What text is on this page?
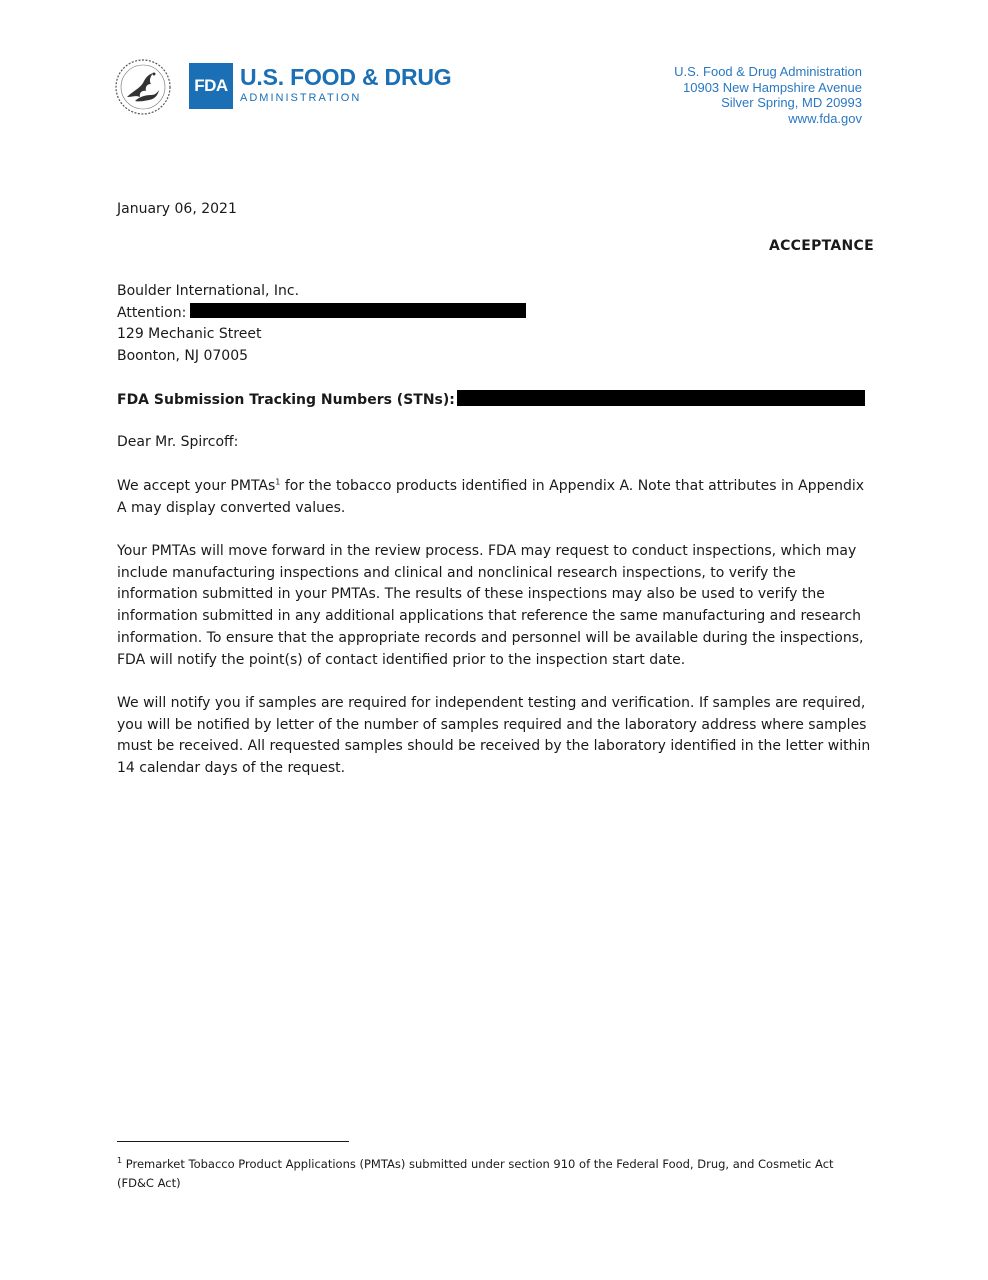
FDA U.S. FOOD & DRUG
ADMINISTRATION
U.S. Food & Drug Administration
10903 New Hampshire Avenue
Silver Spring, MD 20993
www.fda.gov
January 06, 2021
ACCEPTANCE
Boulder International, Inc.
Attention:
129 Mechanic Street
Boonton, NJ 07005
FDA Submission Tracking Numbers (STNs):
Dear Mr. Spircoff:

We accept your PMTAs$^1$ for the tobacco products identified in Appendix A. Note that attributes in Appendix A may display converted values.

Your PMTAs will move forward in the review process. FDA may request to conduct inspections, which may include manufacturing inspections and clinical and nonclinical research inspections, to verify the information submitted in your PMTAs. The results of these inspections may also be used to verify the information submitted in any additional applications that reference the same manufacturing and research information. To ensure that the appropriate records and personnel will be available during the inspections, FDA will notify the point(s) of contact identified prior to the inspection start date.

We will notify you if samples are required for independent testing and verification. If samples are required, you will be notified by letter of the number of samples required and the laboratory address where samples must be received. All requested samples should be received by the laboratory identified in the letter within 14 calendar days of the request.

$^1$ Premarket Tobacco Product Applications (PMTAs) submitted under section 910 of the Federal Food, Drug, and Cosmetic Act (FD&C Act)
